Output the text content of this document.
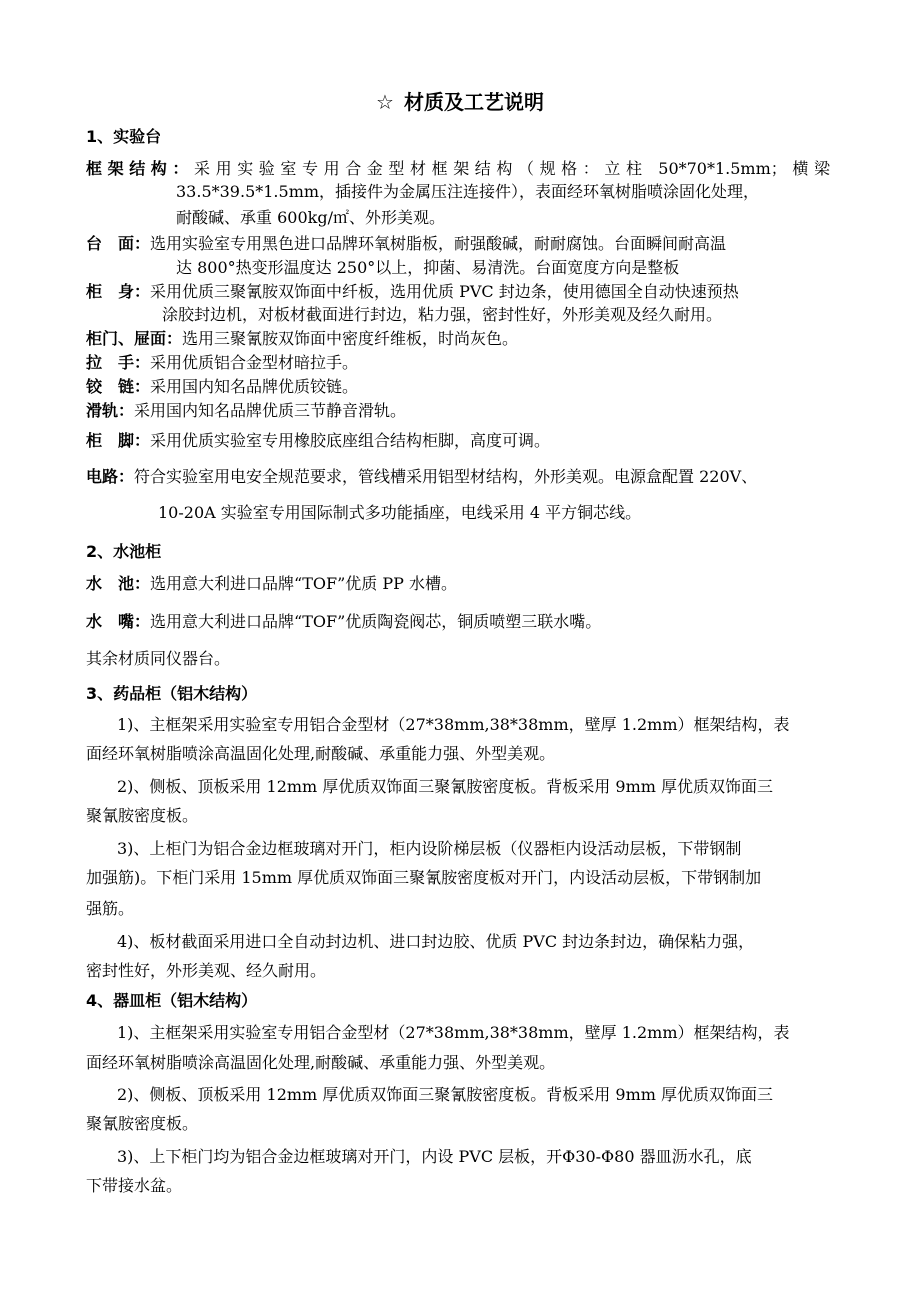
☆ 材质及工艺说明
1、实验台
框架结构：采用实验室专用合金型材框架结构（规格：立柱 50*70*1.5mm；横梁
33.5*39.5*1.5mm，插接件为金属压注连接件），表面经环氧树脂喷涂固化处理，
耐酸碱、承重 600kg/㎡、外形美观。
台　面：选用实验室专用黑色进口品牌环氧树脂板，耐强酸碱，耐耐腐蚀。台面瞬间耐高温
达 800°热变形温度达 250°以上，抑菌、易清洗。台面宽度方向是整板
柜　身：采用优质三聚氰胺双饰面中纤板，选用优质 PVC 封边条，使用德国全自动快速预热
涂胶封边机，对板材截面进行封边，粘力强，密封性好，外形美观及经久耐用。
柜门、屉面：选用三聚氰胺双饰面中密度纤维板，时尚灰色。
拉　手：采用优质铝合金型材暗拉手。
铰　链：采用国内知名品牌优质铰链。
滑轨：采用国内知名品牌优质三节静音滑轨。
柜　脚：采用优质实验室专用橡胶底座组合结构柜脚，高度可调。
电路：符合实验室用电安全规范要求，管线槽采用铝型材结构，外形美观。电源盒配置 220V、
10-20A 实验室专用国际制式多功能插座，电线采用 4 平方铜芯线。
2、水池柜
水　池：选用意大利进口品牌“TOF”优质 PP 水槽。
水　嘴：选用意大利进口品牌“TOF”优质陶瓷阀芯，铜质喷塑三联水嘴。
其余材质同仪器台。
3、药品柜（铝木结构）
1)、主框架采用实验室专用铝合金型材（27*38mm,38*38mm，壁厚 1.2mm）框架结构，表
面经环氧树脂喷涂高温固化处理,耐酸碱、承重能力强、外型美观。
2)、侧板、顶板采用 12mm 厚优质双饰面三聚氰胺密度板。背板采用 9mm 厚优质双饰面三
聚氰胺密度板。
3)、上柜门为铝合金边框玻璃对开门，柜内设阶梯层板（仪器柜内设活动层板，下带钢制
加强筋)。下柜门采用 15mm 厚优质双饰面三聚氰胺密度板对开门，内设活动层板，下带钢制加
强筋。
4)、板材截面采用进口全自动封边机、进口封边胶、优质 PVC 封边条封边，确保粘力强，
密封性好，外形美观、经久耐用。
4、器皿柜（铝木结构）
1)、主框架采用实验室专用铝合金型材（27*38mm,38*38mm，壁厚 1.2mm）框架结构，表
面经环氧树脂喷涂高温固化处理,耐酸碱、承重能力强、外型美观。
2)、侧板、顶板采用 12mm 厚优质双饰面三聚氰胺密度板。背板采用 9mm 厚优质双饰面三
聚氰胺密度板。
3)、上下柜门均为铝合金边框玻璃对开门，内设 PVC 层板，开Φ30-Φ80 器皿沥水孔，底
下带接水盆。
